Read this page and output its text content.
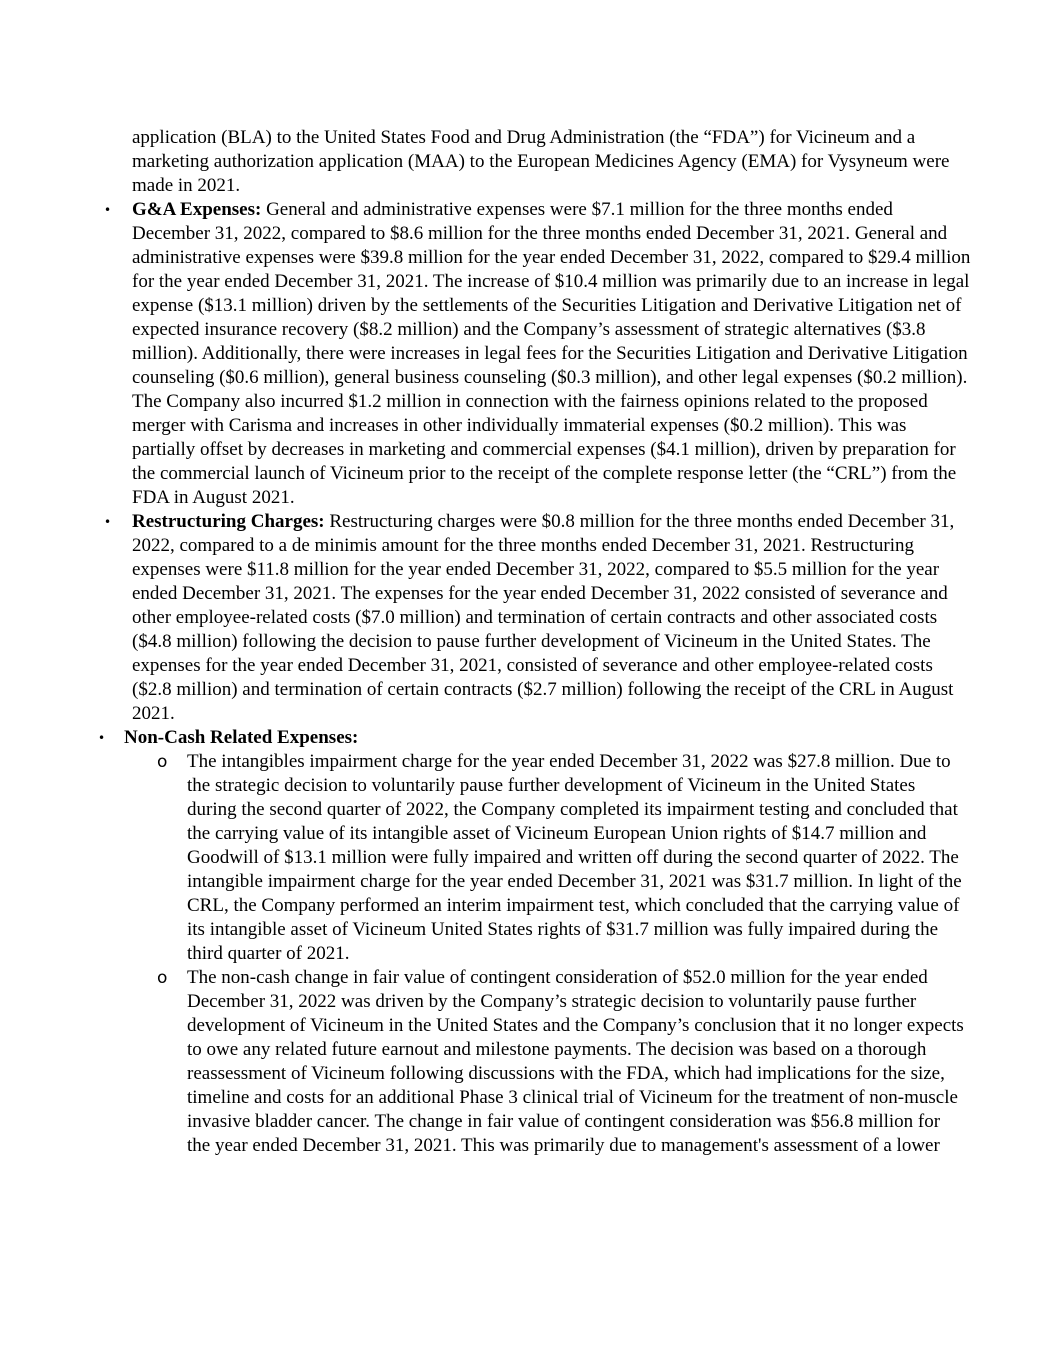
application (BLA) to the United States Food and Drug Administration (the “FDA”) for Vicineum and a marketing authorization application (MAA) to the European Medicines Agency (EMA) for Vysyneum were made in 2021.

• G&A Expenses: General and administrative expenses were $7.1 million for the three months ended December 31, 2022, compared to $8.6 million for the three months ended December 31, 2021. General and administrative expenses were $39.8 million for the year ended December 31, 2022, compared to $29.4 million for the year ended December 31, 2021. The increase of $10.4 million was primarily due to an increase in legal expense ($13.1 million) driven by the settlements of the Securities Litigation and Derivative Litigation net of expected insurance recovery ($8.2 million) and the Company’s assessment of strategic alternatives ($3.8 million). Additionally, there were increases in legal fees for the Securities Litigation and Derivative Litigation counseling ($0.6 million), general business counseling ($0.3 million), and other legal expenses ($0.2 million). The Company also incurred $1.2 million in connection with the fairness opinions related to the proposed merger with Carisma and increases in other individually immaterial expenses ($0.2 million). This was partially offset by decreases in marketing and commercial expenses ($4.1 million), driven by preparation for the commercial launch of Vicineum prior to the receipt of the complete response letter (the “CRL”) from the FDA in August 2021.
• Restructuring Charges: Restructuring charges were $0.8 million for the three months ended December 31, 2022, compared to a de minimis amount for the three months ended December 31, 2021. Restructuring expenses were $11.8 million for the year ended December 31, 2022, compared to $5.5 million for the year ended December 31, 2021. The expenses for the year ended December 31, 2022 consisted of severance and other employee-related costs ($7.0 million) and termination of certain contracts and other associated costs ($4.8 million) following the decision to pause further development of Vicineum in the United States. The expenses for the year ended December 31, 2021, consisted of severance and other employee-related costs ($2.8 million) and termination of certain contracts ($2.7 million) following the receipt of the CRL in August 2021.
• Non-Cash Related Expenses:
o The intangibles impairment charge for the year ended December 31, 2022 was $27.8 million. Due to the strategic decision to voluntarily pause further development of Vicineum in the United States during the second quarter of 2022, the Company completed its impairment testing and concluded that the carrying value of its intangible asset of Vicineum European Union rights of $14.7 million and Goodwill of $13.1 million were fully impaired and written off during the second quarter of 2022. The intangible impairment charge for the year ended December 31, 2021 was $31.7 million. In light of the CRL, the Company performed an interim impairment test, which concluded that the carrying value of its intangible asset of Vicineum United States rights of $31.7 million was fully impaired during the third quarter of 2021.
o The non-cash change in fair value of contingent consideration of $52.0 million for the year ended December 31, 2022 was driven by the Company’s strategic decision to voluntarily pause further development of Vicineum in the United States and the Company’s conclusion that it no longer expects to owe any related future earnout and milestone payments. The decision was based on a thorough reassessment of Vicineum following discussions with the FDA, which had implications for the size, timeline and costs for an additional Phase 3 clinical trial of Vicineum for the treatment of non-muscle invasive bladder cancer. The change in fair value of contingent consideration was $56.8 million for the year ended December 31, 2021. This was primarily due to management's assessment of a lower
